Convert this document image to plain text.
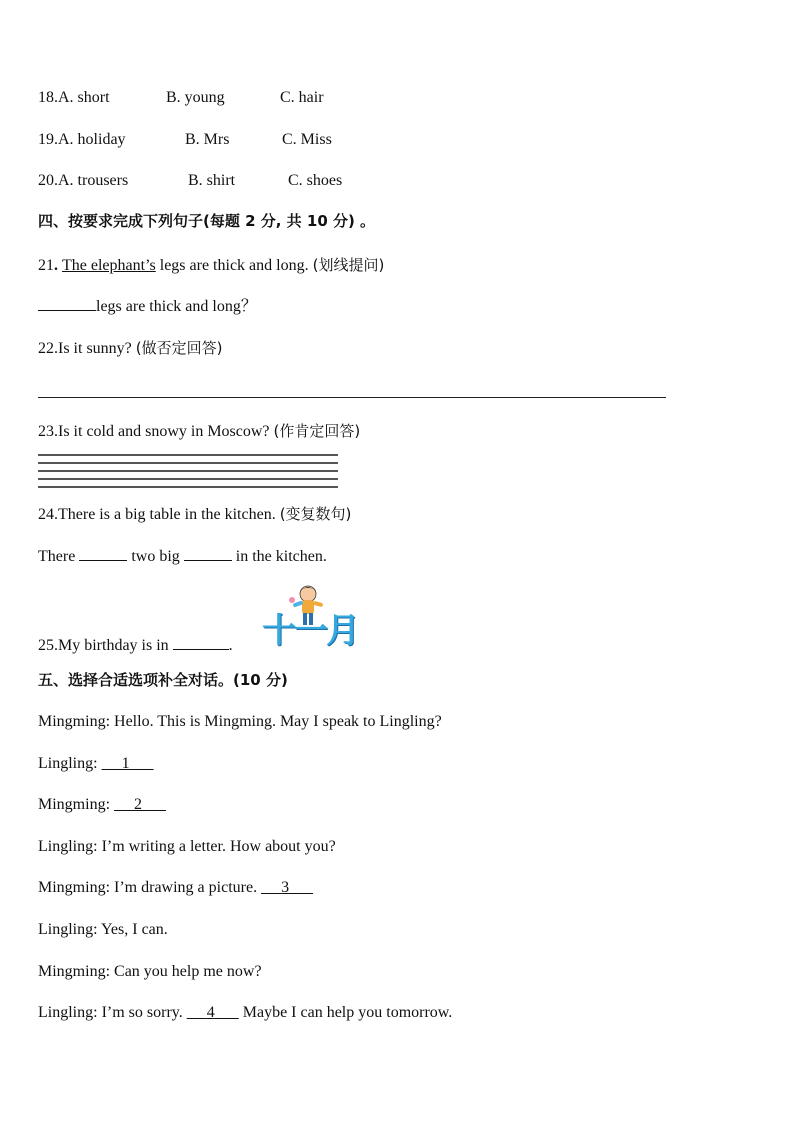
18.A. short	B. young	C. hair
19.A. holiday	B. Mrs	C. Miss
20.A. trousers	B. shirt	C. shoes
四、按要求完成下列句子(每题 2 分, 共 10 分) 。
21. The elephant’s legs are thick and long. (划线提问)
legs are thick and long？
22.Is it sunny? (做否定回答)
23.Is it cold and snowy in Moscow? (作肯定回答)
24.There is a big table in the kitchen. (变复数句)
There	two big	in the kitchen.
25.My birthday is in	. 十一月
五、选择合适选项补全对话。(10 分)
Mingming: Hello. This is Mingming. May I speak to Lingling?
Lingling:      1
Mingming:      2
Lingling: I’m writing a letter. How about you?
Mingming: I’m drawing a picture.      3
Lingling: Yes, I can.
Mingming: Can you help me now?
Lingling: I’m so sorry.      4       Maybe I can help you tomorrow.
